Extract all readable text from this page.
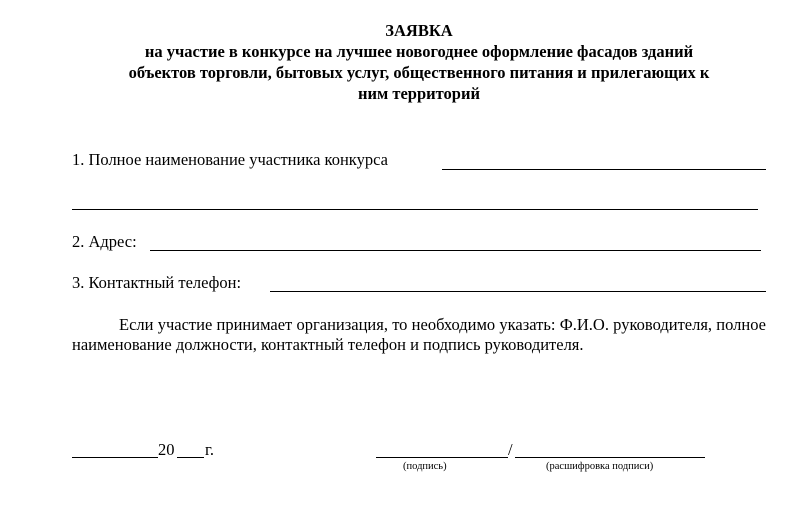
ЗАЯВКА
на участие в конкурсе на лучшее новогоднее оформление фасадов зданий
объектов торговли, бытовых услуг, общественного питания и прилегающих к
ним территорий
1. Полное наименование участника конкурса
2. Адрес:
3. Контактный телефон:
Если участие принимает организация, то необходимо указать: Ф.И.О. руководителя, полное наименование должности, контактный телефон и подпись руководителя.
20 г.	/
(подпись)	(расшифровка подписи)
